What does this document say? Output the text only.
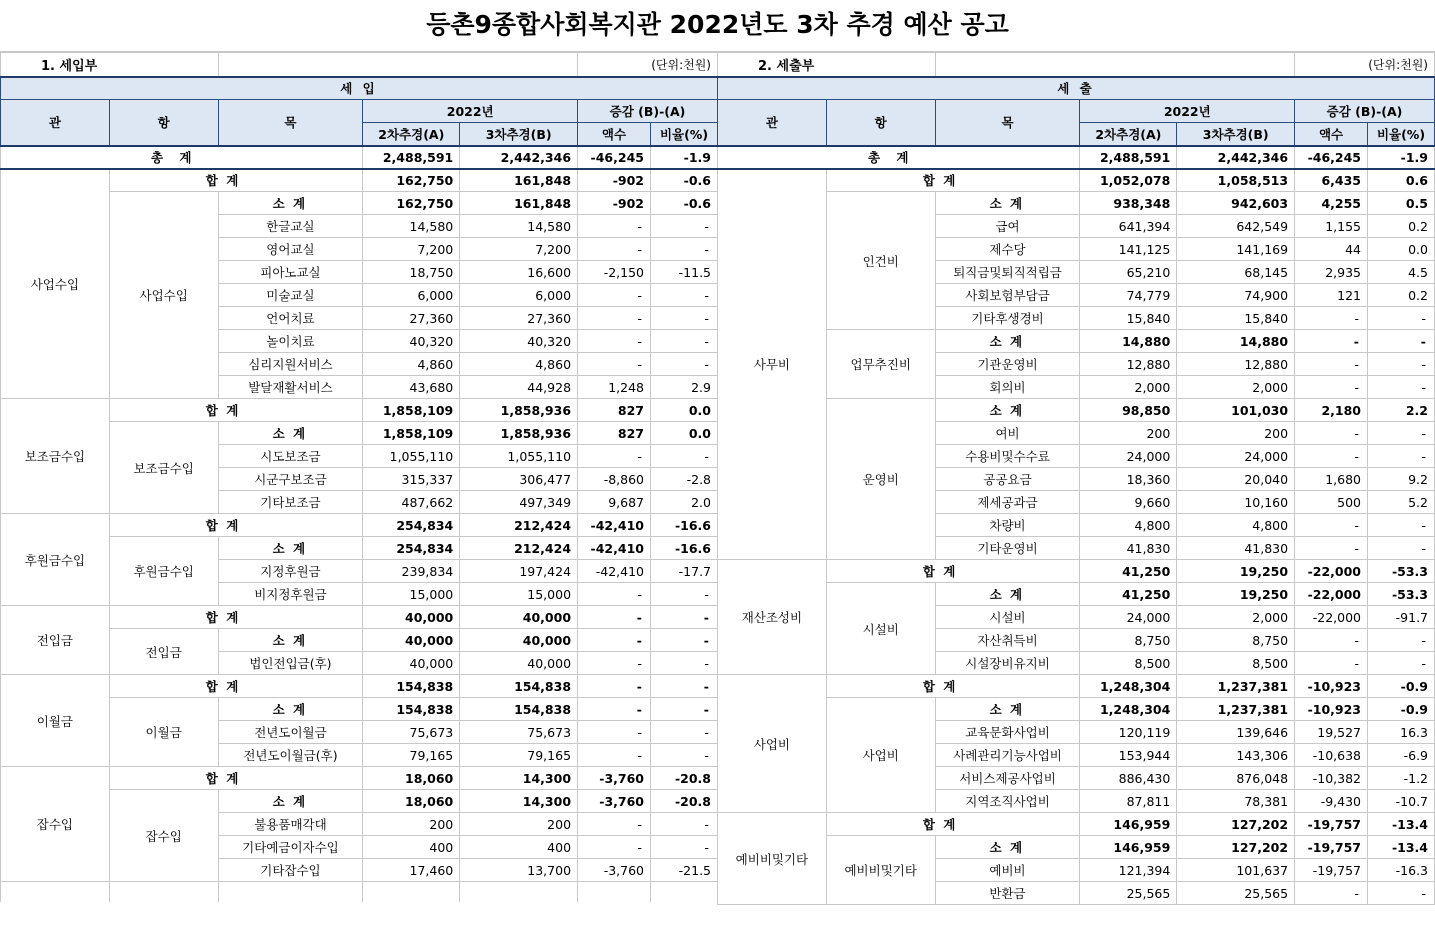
등촌9종합사회복지관 2022년도 3차 추경 예산 공고
1. 세입부					(단위:천원)	
세 입						
관	항	목	2022년		증감 (B)-(A)	
			2차추경(A)	3차추경(B)	액수	비율(%)
총 계			2,488,591	2,442,346	-46,245	-1.9
사업수입	합 계		162,750	161,848	-902	-0.6
	사업수입	소 계	162,750	161,848	-902	-0.6
		한글교실	14,580	14,580	-	-
		영어교실	7,200	7,200	-	-
		피아노교실	18,750	16,600	-2,150	-11.5
		미술교실	6,000	6,000	-	-
		언어치료	27,360	27,360	-	-
		놀이치료	40,320	40,320	-	-
		심리지원서비스	4,860	4,860	-	-
		발달재활서비스	43,680	44,928	1,248	2.9
보조금수입	합 계		1,858,109	1,858,936	827	0.0
	보조금수입	소 계	1,858,109	1,858,936	827	0.0
		시도보조금	1,055,110	1,055,110	-	-
		시군구보조금	315,337	306,477	-8,860	-2.8
		기타보조금	487,662	497,349	9,687	2.0
후원금수입	합 계		254,834	212,424	-42,410	-16.6
	후원금수입	소 계	254,834	212,424	-42,410	-16.6
		지정후원금	239,834	197,424	-42,410	-17.7
		비지정후원금	15,000	15,000	-	-
전입금	합 계		40,000	40,000	-	-
	전입금	소 계	40,000	40,000	-	-
		법인전입금(후)	40,000	40,000	-	-
이월금	합 계		154,838	154,838	-	-
	이월금	소 계	154,838	154,838	-	-
		전년도이월금	75,673	75,673	-	-
		전년도이월금(후)	79,165	79,165	-	-
잡수입	합 계		18,060	14,300	-3,760	-20.8
	잡수입	소 계	18,060	14,300	-3,760	-20.8
		불용품매각대	200	200	-	-
		기타예금이자수입	400	400	-	-
		기타잡수입	17,460	13,700	-3,760	-21.5

2. 세출부					(단위:천원)	
세 출						
관	항	목	2022년		증감 (B)-(A)	
			2차추경(A)	3차추경(B)	액수	비율(%)
총 계			2,488,591	2,442,346	-46,245	-1.9
사무비	합 계		1,052,078	1,058,513	6,435	0.6
	인건비	소 계	938,348	942,603	4,255	0.5
		급여	641,394	642,549	1,155	0.2
		제수당	141,125	141,169	44	0.0
		퇴직금및퇴직적립금	65,210	68,145	2,935	4.5
		사회보험부담금	74,779	74,900	121	0.2
		기타후생경비	15,840	15,840	-	-
	업무추진비	소 계	14,880	14,880	-	-
		기관운영비	12,880	12,880	-	-
		회의비	2,000	2,000	-	-
	운영비	소 계	98,850	101,030	2,180	2.2
		여비	200	200	-	-
		수용비및수수료	24,000	24,000	-	-
		공공요금	18,360	20,040	1,680	9.2
		제세공과금	9,660	10,160	500	5.2
		차량비	4,800	4,800	-	-
		기타운영비	41,830	41,830	-	-
재산조성비	합 계		41,250	19,250	-22,000	-53.3
	시설비	소 계	41,250	19,250	-22,000	-53.3
		시설비	24,000	2,000	-22,000	-91.7
		자산취득비	8,750	8,750	-	-
		시설장비유지비	8,500	8,500	-	-
사업비	합 계		1,248,304	1,237,381	-10,923	-0.9
	사업비	소 계	1,248,304	1,237,381	-10,923	-0.9
		교육문화사업비	120,119	139,646	19,527	16.3
		사례관리기능사업비	153,944	143,306	-10,638	-6.9
		서비스제공사업비	886,430	876,048	-10,382	-1.2
		지역조직사업비	87,811	78,381	-9,430	-10.7
예비비및기타	합 계		146,959	127,202	-19,757	-13.4
	예비비및기타	소 계	146,959	127,202	-19,757	-13.4
		예비비	121,394	101,637	-19,757	-16.3
		반환금	25,565	25,565	-	-
